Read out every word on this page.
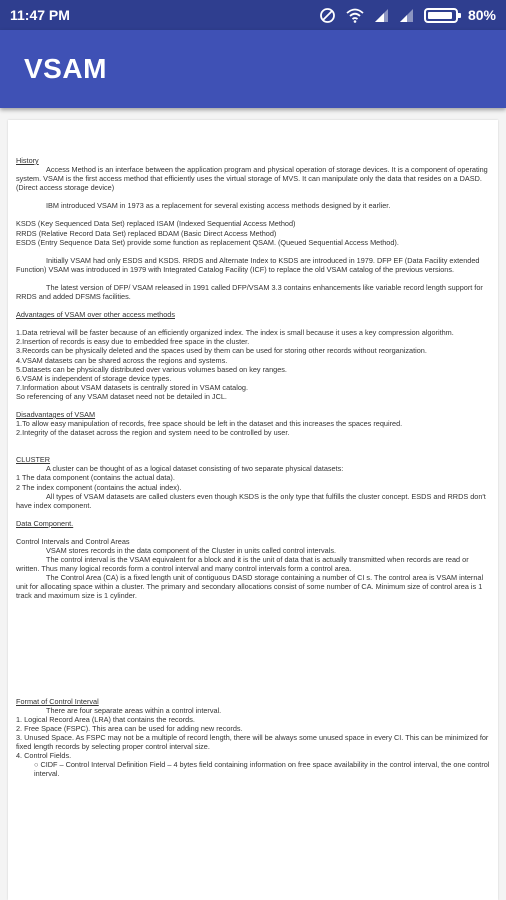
11:47 PM	80%
VSAM

History

Access Method is an interface between the application program and physical operation of storage devices. It is a component of operating system. VSAM is the first access method that efficiently uses the virtual storage of MVS. It can manipulate only the data that resides on a DASD. (Direct access storage device)

IBM introduced VSAM in 1973 as a replacement for several existing access methods designed by it earlier.

KSDS (Key Sequenced Data Set) replaced ISAM (Indexed Sequential Access Method)

RRDS (Relative Record Data Set) replaced BDAM (Basic Direct Access Method)

ESDS (Entry Sequence Data Set) provide some function as replacement QSAM. (Queued Sequential Access Method).

Initially VSAM had only ESDS and KSDS. RRDS and Alternate Index to KSDS are introduced in 1979. DFP EF (Data Facility extended Function) VSAM was introduced in 1979 with Integrated Catalog Facility (ICF) to replace the old VSAM catalog of the previous versions.

The latest version of DFP/ VSAM released in 1991 called DFP/VSAM 3.3 contains enhancements like variable record length support for RRDS and added DFSMS facilities.

Advantages of VSAM over other access methods

1.Data retrieval will be faster because of an efficiently organized index. The index is small because it uses a key compression algorithm.

2.Insertion of records is easy due to embedded free space in the cluster.

3.Records can be physically deleted and the spaces used by them can be used for storing other records without reorganization.

4.VSAM datasets can be shared across the regions and systems.

5.Datasets can be physically distributed over various volumes based on key ranges.

6.VSAM is independent of storage device types.

7.Information about VSAM datasets is centrally stored in VSAM catalog.

So referencing of any VSAM dataset need not be detailed in JCL.

Disadvantages of VSAM

1.To allow easy manipulation of records, free space should be left in the dataset and this increases the spaces required.

2.Integrity of the dataset across the region and system need to be controlled by user.

CLUSTER

A cluster can be thought of as a logical dataset consisting of two separate physical datasets:

1 The data component (contains the actual data).

2 The index component (contains the actual index).

All types of VSAM datasets are called clusters even though KSDS is the only type that fulfills the cluster concept. ESDS and RRDS don't have index component.

Data Component.

Control Intervals and Control Areas

VSAM stores records in the data component of the Cluster in units called control intervals.

The control interval is the VSAM equivalent for a block and it is the unit of data that is actually transmitted when records are read or written. Thus many logical records form a control interval and many control intervals form a control area.

The Control Area (CA) is a fixed length unit of contiguous DASD storage containing a number of CI s. The control area is VSAM internal unit for allocating space within a cluster. The primary and secondary allocations consist of some number of CA. Minimum size of control area is 1 track and maximum size is 1 cylinder.

Format of Control Interval

There are four separate areas within a control interval.

1. Logical Record Area (LRA) that contains the records.

2. Free Space (FSPC). This area can be used for adding new records.

3. Unused Space. As FSPC may not be a multiple of record length, there will be always some unused space in every CI. This can be minimized for fixed length records by selecting proper control interval size.

4. Control Fields.

○ CIDF – Control Interval Definition Field – 4 bytes field containing information on free space availability in the control interval, the one control interval.
